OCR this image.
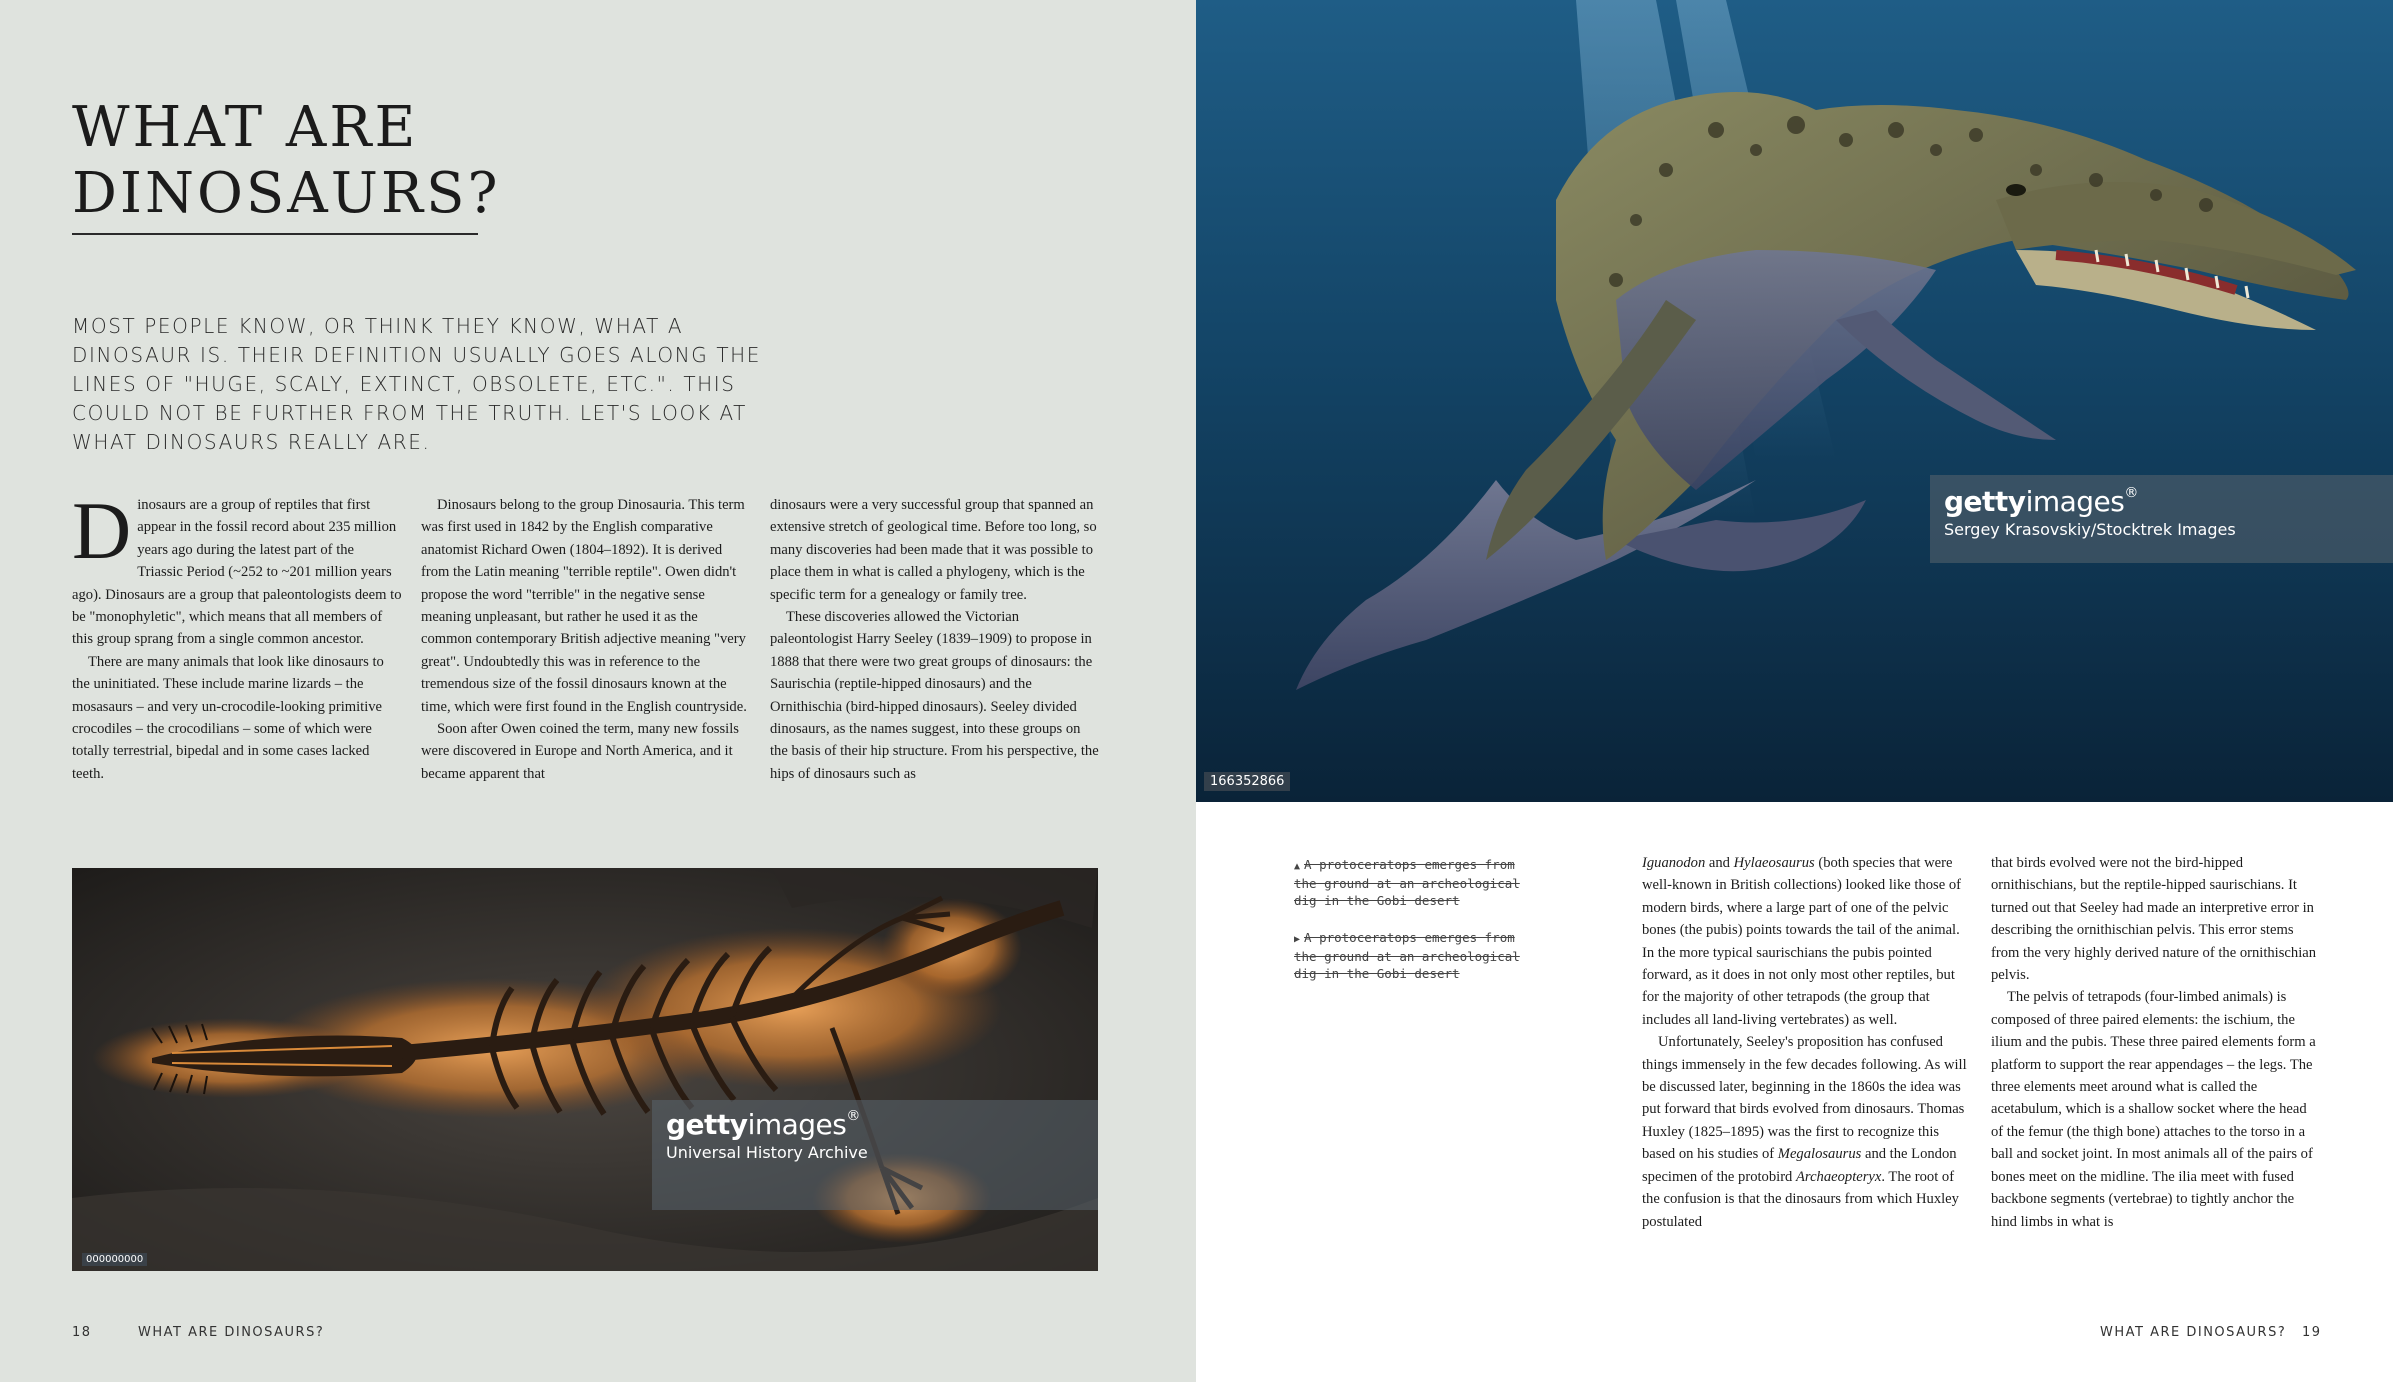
WHAT ARE
DINOSAURS?
MOST PEOPLE KNOW, OR THINK THEY KNOW, WHAT A DINOSAUR IS. THEIR DEFINITION USUALLY GOES ALONG THE LINES OF "HUGE, SCALY, EXTINCT, OBSOLETE, ETC.". THIS COULD NOT BE FURTHER FROM THE TRUTH. LET'S LOOK AT WHAT DINOSAURS REALLY ARE.

Dinosaurs are a group of reptiles that first appear in the fossil record about 235 million years ago during the latest part of the Triassic Period (~252 to ~201 million years ago). Dinosaurs are a group that paleontologists deem to be "monophyletic", which means that all members of this group sprang from a single common ancestor.

There are many animals that look like dinosaurs to the uninitiated. These include marine lizards – the mosasaurs – and very un-crocodile-looking primitive crocodiles – the crocodilians – some of which were totally terrestrial, bipedal and in some cases lacked teeth.

Dinosaurs belong to the group Dinosauria. This term was first used in 1842 by the English comparative anatomist Richard Owen (1804–1892). It is derived from the Latin meaning "terrible reptile". Owen didn't propose the word "terrible" in the negative sense meaning unpleasant, but rather he used it as the common contemporary British adjective meaning "very great". Undoubtedly this was in reference to the tremendous size of the fossil dinosaurs known at the time, which were first found in the English countryside.

Soon after Owen coined the term, many new fossils were discovered in Europe and North America, and it became apparent that

dinosaurs were a very successful group that spanned an extensive stretch of geological time. Before too long, so many discoveries had been made that it was possible to place them in what is called a phylogeny, which is the specific term for a genealogy or family tree.

These discoveries allowed the Victorian paleontologist Harry Seeley (1839–1909) to propose in 1888 that there were two great groups of dinosaurs: the Saurischia (reptile-hipped dinosaurs) and the Ornithischia (bird-hipped dinosaurs). Seeley divided dinosaurs, as the names suggest, into these groups on the basis of their hip structure. From his perspective, the hips of dinosaurs such as

gettyimages®
Universal History Archive
000000000
18	WHAT ARE DINOSAURS?
gettyimages®
Sergey Krasovskiy/Stocktrek Images
166352866
▲ A protoceratops emerges from the ground at an archeological dig in the Gobi desert
▶ A protoceratops emerges from the ground at an archeological dig in the Gobi desert

Iguanodon and Hylaeosaurus (both species that were well-known in British collections) looked like those of modern birds, where a large part of one of the pelvic bones (the pubis) points towards the tail of the animal. In the more typical saurischians the pubis pointed forward, as it does in not only most other reptiles, but for the majority of other tetrapods (the group that includes all land-living vertebrates) as well.

Unfortunately, Seeley's proposition has confused things immensely in the few decades following. As will be discussed later, beginning in the 1860s the idea was put forward that birds evolved from dinosaurs. Thomas Huxley (1825–1895) was the first to recognize this based on his studies of Megalosaurus and the London specimen of the protobird Archaeopteryx. The root of the confusion is that the dinosaurs from which Huxley postulated

that birds evolved were not the bird-hipped ornithischians, but the reptile-hipped saurischians. It turned out that Seeley had made an interpretive error in describing the ornithischian pelvis. This error stems from the very highly derived nature of the ornithischian pelvis.

The pelvis of tetrapods (four-limbed animals) is composed of three paired elements: the ischium, the ilium and the pubis. These three paired elements form a platform to support the rear appendages – the legs. The three elements meet around what is called the acetabulum, which is a shallow socket where the head of the femur (the thigh bone) attaches to the torso in a ball and socket joint. In most animals all of the pairs of bones meet on the midline. The ilia meet with fused backbone segments (vertebrae) to tightly anchor the hind limbs in what is

WHAT ARE DINOSAURS? 19
